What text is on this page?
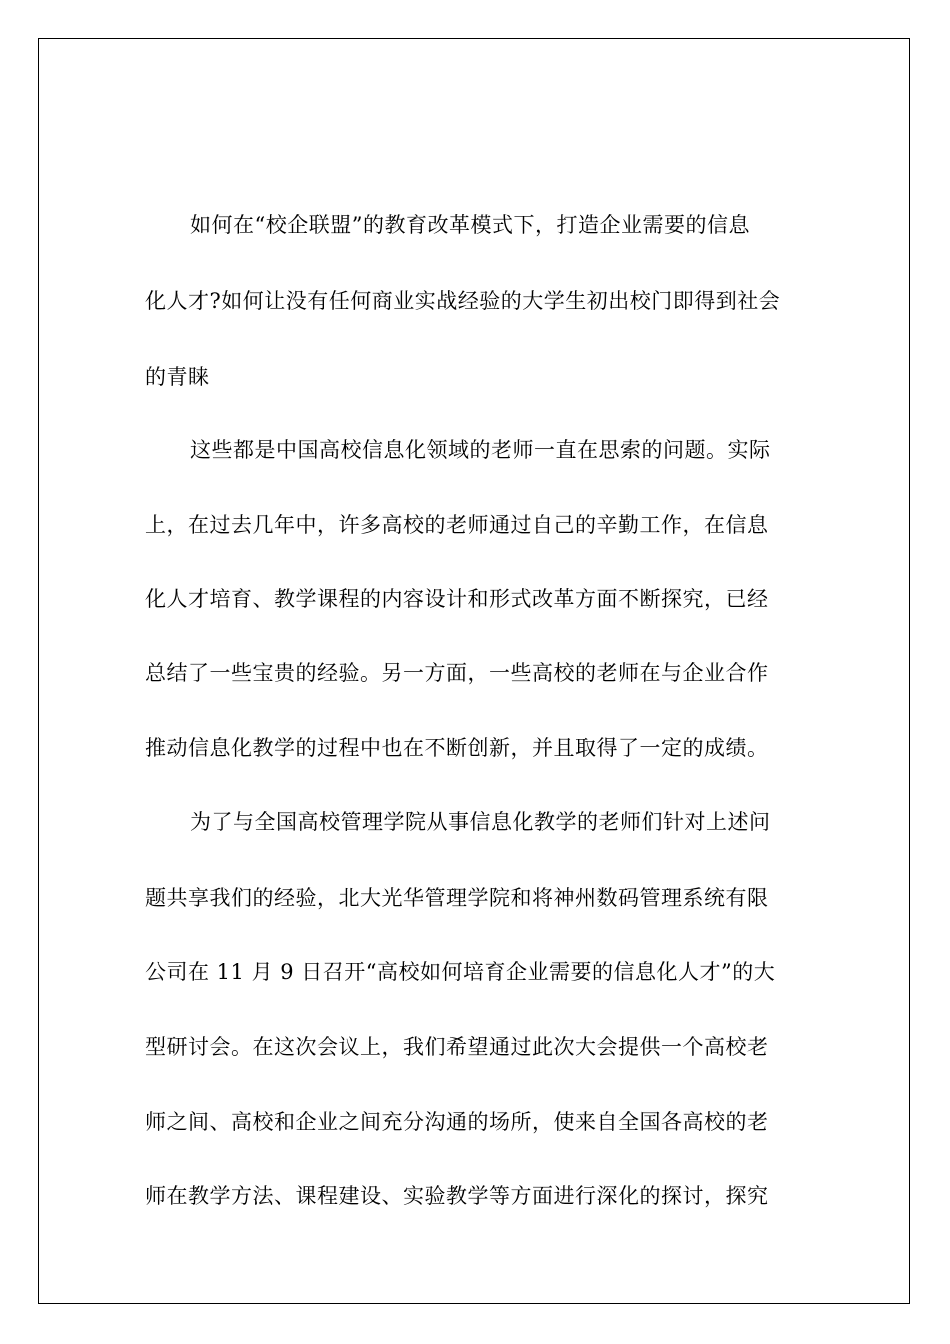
如何在“校企联盟”的教育改革模式下，打造企业需要的信息

化人才?如何让没有任何商业实战经验的大学生初出校门即得到社会

的青睐

这些都是中国高校信息化领域的老师一直在思索的问题。实际

上，在过去几年中，许多高校的老师通过自己的辛勤工作，在信息

化人才培育、教学课程的内容设计和形式改革方面不断探究，已经

总结了一些宝贵的经验。另一方面，一些高校的老师在与企业合作

推动信息化教学的过程中也在不断创新，并且取得了一定的成绩。

为了与全国高校管理学院从事信息化教学的老师们针对上述问

题共享我们的经验，北大光华管理学院和将神州数码管理系统有限

公司在 11 月 9 日召开“高校如何培育企业需要的信息化人才”的大

型研讨会。在这次会议上，我们希望通过此次大会提供一个高校老

师之间、高校和企业之间充分沟通的场所，使来自全国各高校的老

师在教学方法、课程建设、实验教学等方面进行深化的探讨，探究
